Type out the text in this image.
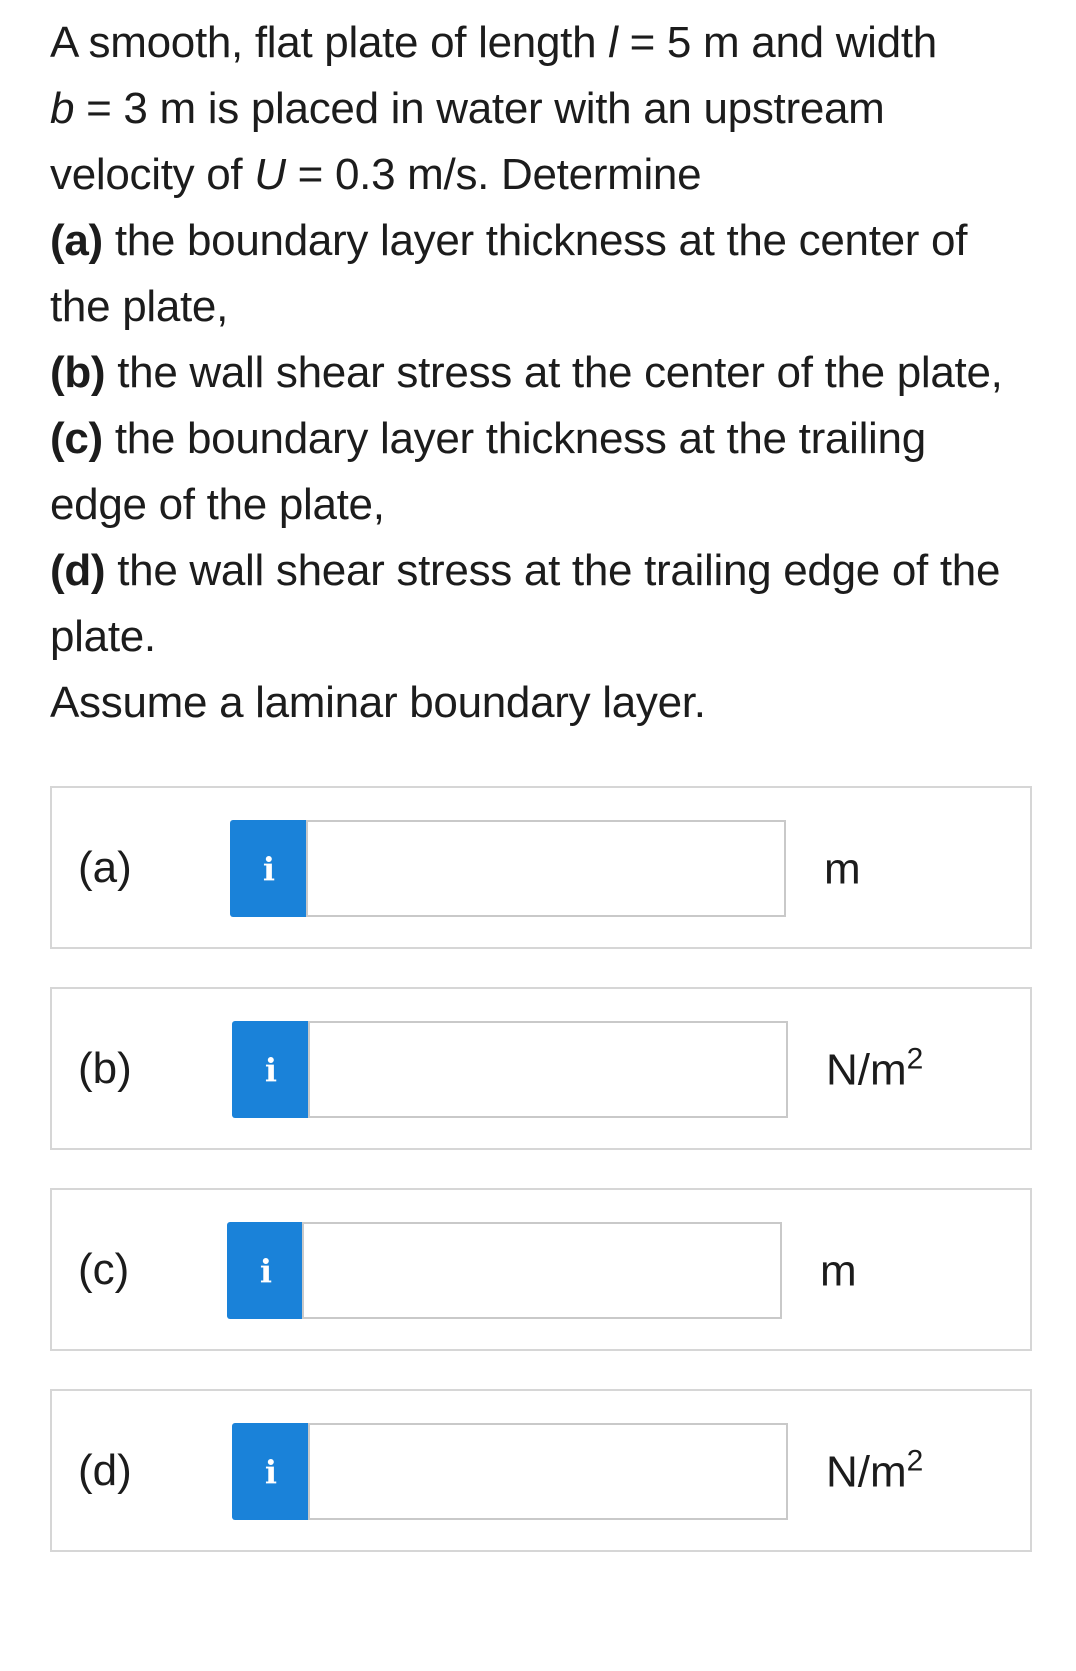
A smooth, flat plate of length l = 5 m and width
b = 3 m is placed in water with an upstream velocity of U = 0.3 m/s. Determine

(a) the boundary layer thickness at the center of the plate,

(b) the wall shear stress at the center of the plate,

(c) the boundary layer thickness at the trailing edge of the plate,

(d) the wall shear stress at the trailing edge of the plate.

Assume a laminar boundary layer.

(a)	i	m
(b)	i	$N/m^2$
(c)	i	m
(d)	i	$N/m^2$
